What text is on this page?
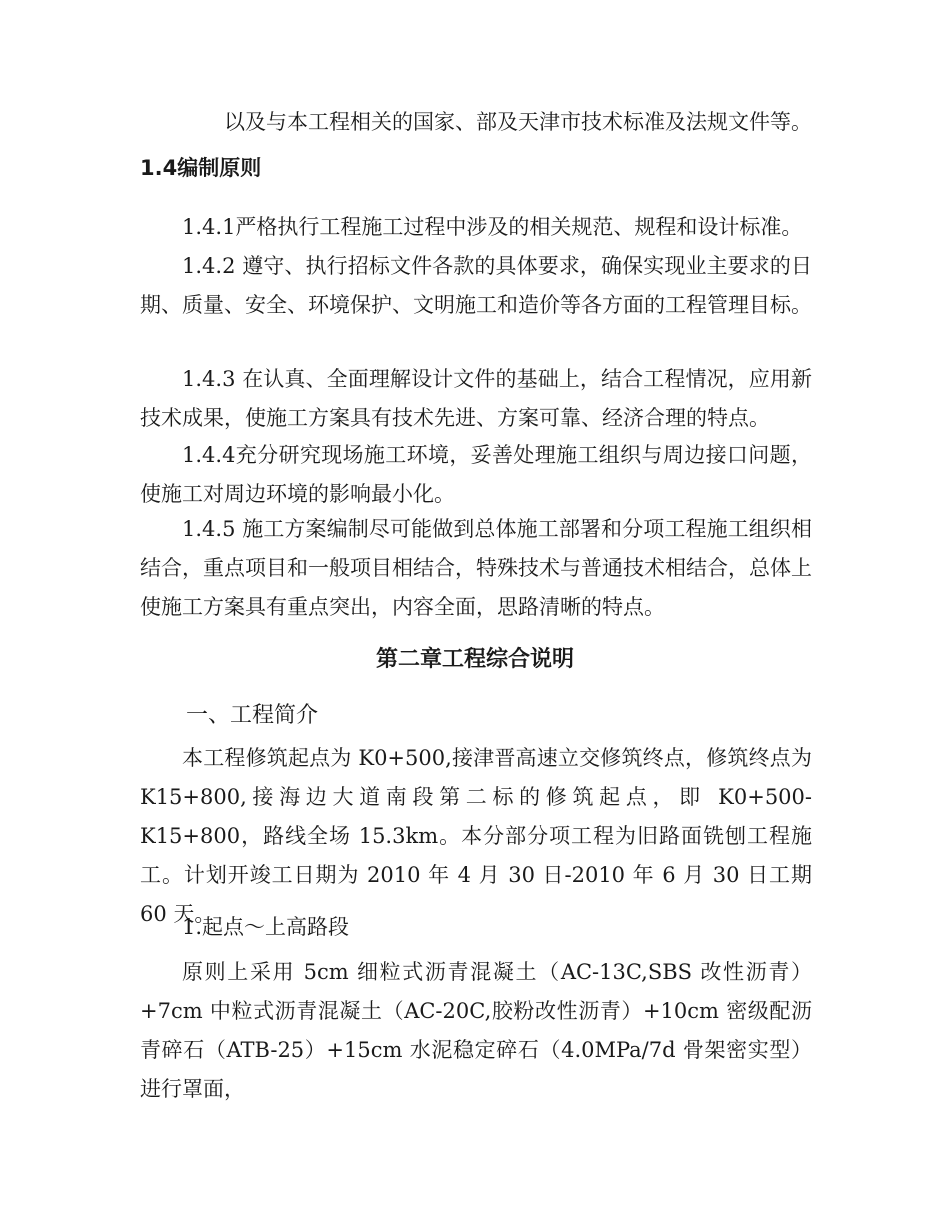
以及与本工程相关的国家、部及天津市技术标准及法规文件等。

1.4编制原则

1.4.1严格执行工程施工过程中涉及的相关规范、规程和设计标准。

1.4.2 遵守、执行招标文件各款的具体要求，确保实现业主要求的日期、质量、安全、环境保护、文明施工和造价等各方面的工程管理目标。

1.4.3 在认真、全面理解设计文件的基础上，结合工程情况，应用新技术成果，使施工方案具有技术先进、方案可靠、经济合理的特点。

1.4.4充分研究现场施工环境，妥善处理施工组织与周边接口问题，使施工对周边环境的影响最小化。

1.4.5 施工方案编制尽可能做到总体施工部署和分项工程施工组织相结合，重点项目和一般项目相结合，特殊技术与普通技术相结合，总体上使施工方案具有重点突出，内容全面，思路清晰的特点。

第二章工程综合说明

一、工程简介

本工程修筑起点为 K0+500,接津晋高速立交修筑终点，修筑终点为K15+800,接海边大道南段第二标的修筑起点，即 K0+500-K15+800，路线全场 15.3km。本分部分项工程为旧路面铣刨工程施工。计划开竣工日期为 2010 年 4 月 30 日-2010 年 6 月 30 日工期 60 天。

1.起点～上高路段

原则上采用 5cm 细粒式沥青混凝土（AC-13C,SBS 改性沥青）+7cm 中粒式沥青混凝土（AC-20C,胶粉改性沥青）+10cm 密级配沥青碎石（ATB-25）+15cm 水泥稳定碎石（4.0MPa/7d 骨架密实型）进行罩面，
